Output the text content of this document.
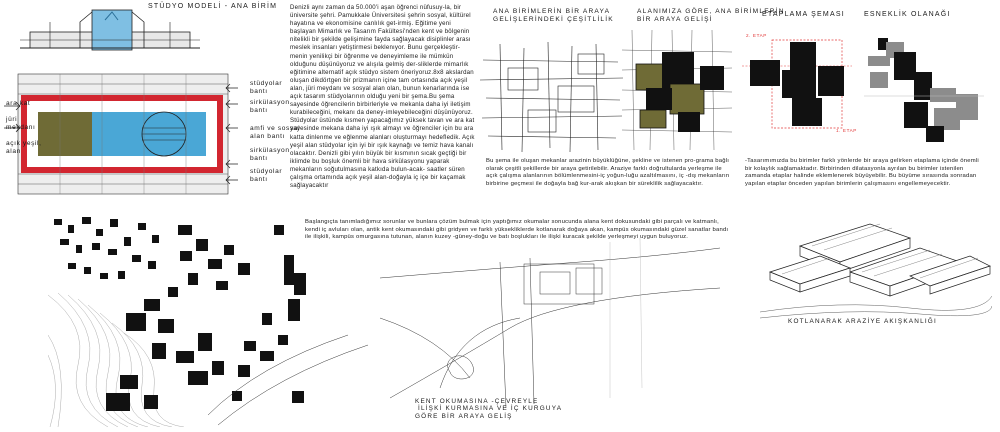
STÜDYO MODELİ - ANA BİRİM
stüdyolar
bantı
sirkülasyon
bantı
ara kat
jüri
meydanı	amfi ve sosyal
alan bantı
açık yeşil,
alan	sirkülasyon
bantı
stüdyolar
bantı
Denizli aynı zaman da 50.000'i aşan öğrenci nüfusuy-la, bir üniversite şehri. Pamukkale Üniversitesi şehrin sosyal, kültürel hayatına ve ekonomisine canlılık get-irmiş. Eğitime yeni başlayan Mimarlık ve Tasarım Fakültesi'nden kent ve bölgenin nitelikli bir şekilde gelişimine fayda sağlayacak disiplinler arası meslek insanları yetiştirmesi beklenıyor. Bunu gerçekleştir-menin yenilikçi bir öğrenme ve deneyimleme ile mümkün olduğunu düşünüyoruz ve alışıla gelmiş der-sliklerde mimarlık eğitimine alternatif açık stüdyo sistem öneriyoruz.8x8 akslardan oluşan dikdörtgen bir prizmanın içine tam ortasında açık yeşil alan, jüri meydanı ve sosyal alan olan, bunun kenarlarında ise açık tasarım stüdyolarının olduğu yeni bir şema.Bu şema sayesinde öğrencilerin birbirleriyle ve mekanla daha iyi iletişim kurabileceğini, mekanı da deney-imleyebileceğini düşünüyoruz. Stüdyolar üstünde kısmen yapacağımız yüksek tavan ve ara kat sayesinde mekana daha iyi ışık almayı ve öğrenciler için bu ara katta dinlenme ve eğlenme alanları oluşturmayı hedefledik. Açık yeşil alan stüdyolar için iyi bir ışık kaynağı ve temiz hava kanalı olacaktır. Denizli gibi yılın büyük bir kısmının sıcak geçtiği bir iklimde bu boşluk önemli bir hava sirkülasyonu yaparak mekanların soğutulmasına katkıda bulun-acak- saatler süren çalışma ortamında açık yeşil alan-doğayla iç içe bir kaçamak sağlayacaktır
ANA BİRİMLERİN BİR ARAYA
GELİŞLERİNDEKİ ÇEŞİTLİLİK
ALANIMIZA GÖRE, ANA BİRİMLERİN
BİR ARAYA GELİŞİ
ETAPLAMA ŞEMASI
2. ETAP
1. ETAP
ESNEKLİK OLANAĞI
Bu şema ile oluşan mekanlar arazinin büyüklüğüne, şekline ve istenen pro-grama bağlı olarak çeşitli şekillerde bir araya getirilebilir. Araziye farklı doğrultularda yerleşme ile açık çalışma alanlarının bölümlenmesini-iç yoğun-luğu azaltılmasını, iç -dış mekanların birbirine geçmesi ile doğayla bağ kur-arak akışkan bir süreklilik sağlayacaktır.
-Tasarımımızda bu birimler farklı yönlerde bir araya gelirken etaplama içinde önemli bir kolaylık sağlamaktadır. Birbirinden dilatasyonla ayrılan bu birimler istenilen zamanda etaplar halinde eklemlenerek büyüyebilir. Bu büyüme sırasında sonradan yapılan etaplar önceden yapılan birimlerin çalışmasını engellemeyecektir.
Başlangıçta tanımladığımız sorunlar ve bunlara çözüm bulmak için yaptığımız okumalar sonucunda alana kent dokusundaki gibi parçalı ve katmanlı, kendi iç avluları olan, antik kent okumasındaki gibi gridyen ve farklı yüksekliklerde kotlanarak doğaya akan, kampüs okumasındaki güzel sanatlar bandı ile ilişkili, kampüs omurgasına tutunan, alanın kuzey -güney-doğu ve batı boşlukları ile ilişki kuracak şekilde yerleşmeyi uygun buluyoruz.
KENT OKUMASINA -ÇEVREYLE
İLİŞKİ KURMASINA VE İÇ KURGUYA
GÖRE BİR ARAYA GELİŞ
KOTLANARAK ARAZİYE AKIŞKANLIĞI
